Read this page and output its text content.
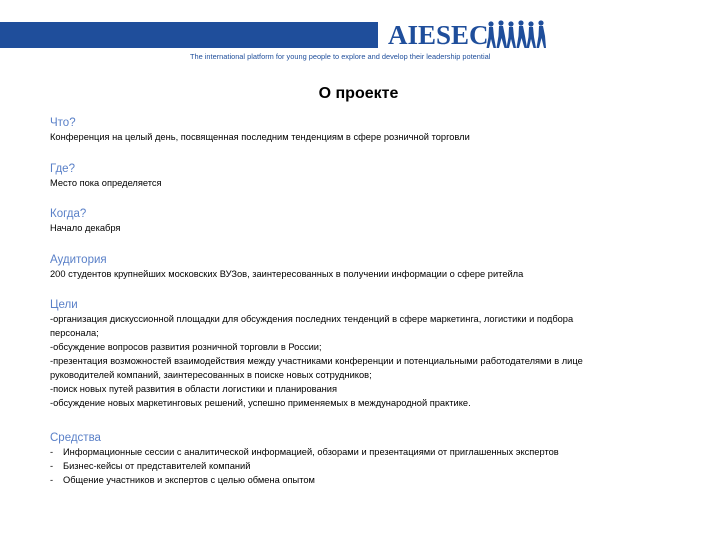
AIESEC
The international platform for young people to explore and develop their leadership potential
О проекте
Что?
Конференция на целый день, посвященная последним тенденциям в сфере розничной торговли
Где?
Место пока определяется
Когда?
Начало декабря
Аудитория
200 студентов крупнейших московских ВУЗов, заинтересованных в получении информации о сфере ритейла
Цели
-организация дискуссионной площадки для обсуждения последних тенденций в сфере маркетинга, логистики и подбора
персонала;
-обсуждение вопросов развития розничной торговли в России;
-презентация возможностей взаимодействия между участниками конференции и потенциальными работодателями в лице
руководителей компаний, заинтересованных в поиске новых сотрудников;
-поиск новых путей развития в области логистики и планирования
-обсуждение новых маркетинговых решений, успешно применяемых в международной практике.
Средства
- Информационные сессии с аналитической информацией, обзорами и презентациями от приглашенных экспертов
- Бизнес-кейсы от представителей компаний
- Общение участников и экспертов с целью обмена опытом
